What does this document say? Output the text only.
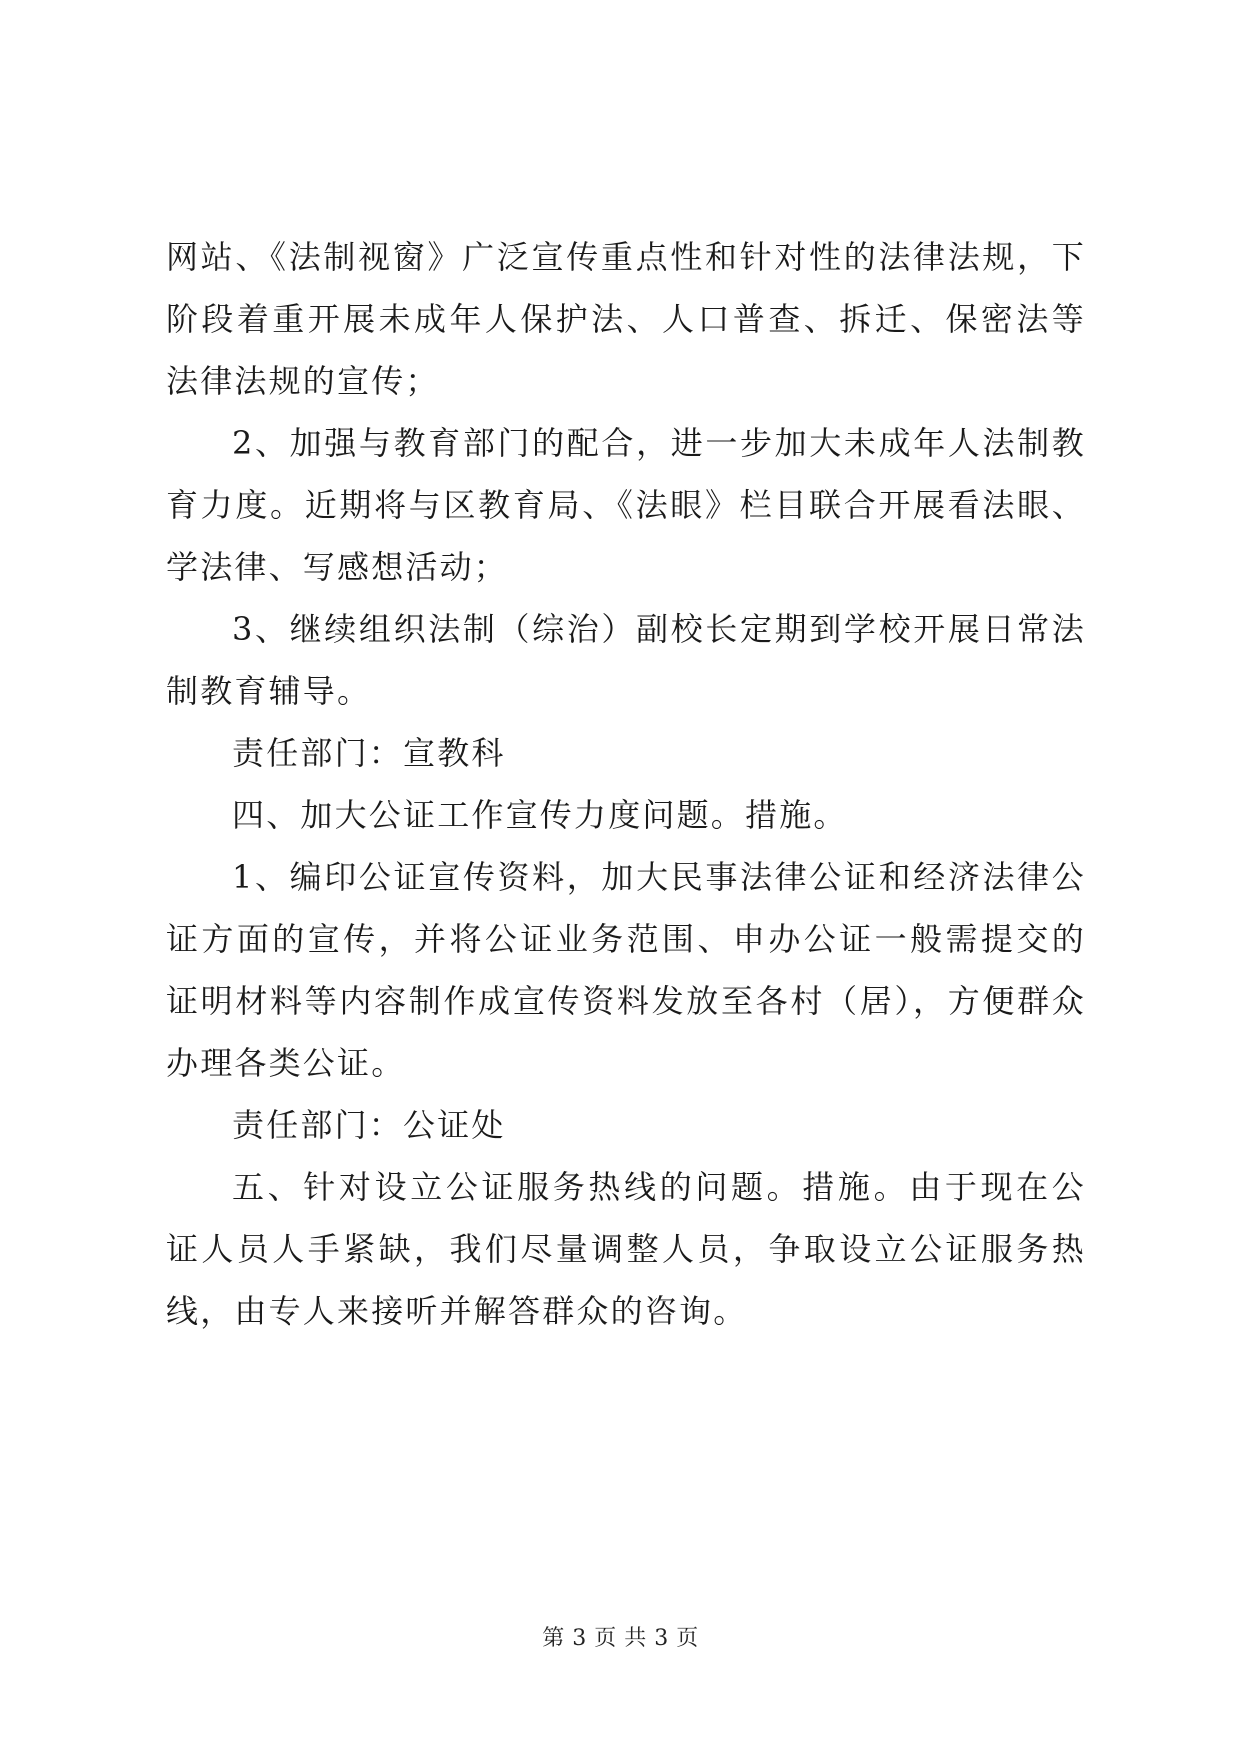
网站、《法制视窗》广泛宣传重点性和针对性的法律法规，下阶段着重开展未成年人保护法、人口普查、拆迁、保密法等法律法规的宣传；

2、加强与教育部门的配合，进一步加大未成年人法制教育力度。近期将与区教育局、《法眼》栏目联合开展看法眼、学法律、写感想活动；

3、继续组织法制（综治）副校长定期到学校开展日常法制教育辅导。

责任部门：宣教科

四、加大公证工作宣传力度问题。措施。

1、编印公证宣传资料，加大民事法律公证和经济法律公证方面的宣传，并将公证业务范围、申办公证一般需提交的证明材料等内容制作成宣传资料发放至各村（居），方便群众办理各类公证。

责任部门：公证处

五、针对设立公证服务热线的问题。措施。由于现在公证人员人手紧缺，我们尽量调整人员，争取设立公证服务热线，由专人来接听并解答群众的咨询。

第 3 页 共 3 页
